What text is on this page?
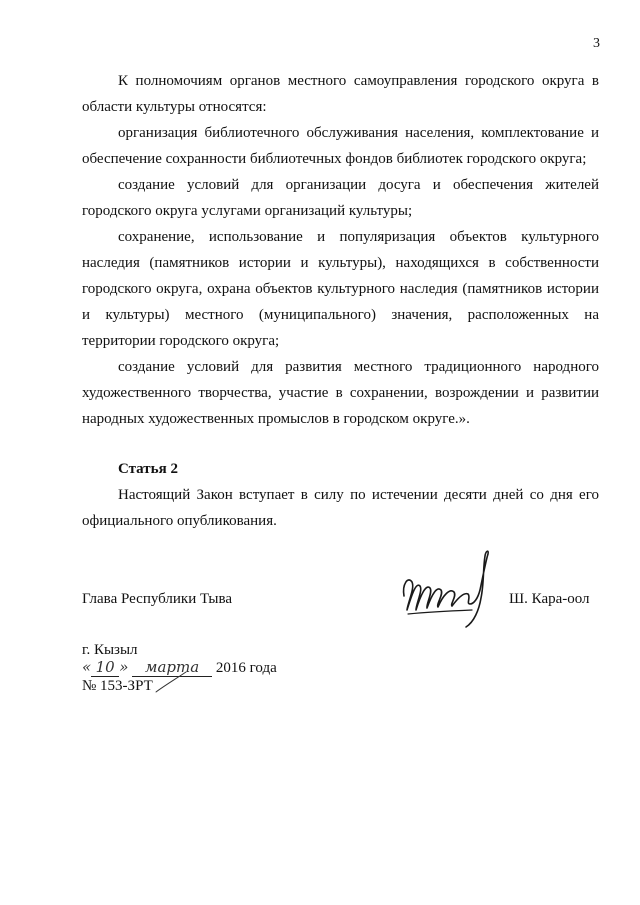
3

К полномочиям органов местного самоуправления городского округа в области культуры относятся:

организация библиотечного обслуживания населения, комплектование и обеспечение сохранности библиотечных фондов библиотек городского округа;

создание условий для организации досуга и обеспечения жителей городского округа услугами организаций культуры;

сохранение, использование и популяризация объектов культурного наследия (памятников истории и культуры), находящихся в собственности городского округа, охрана объектов культурного наследия (памятников истории и культуры) местного (муниципального) значения, расположенных на территории городского округа;

создание условий для развития местного традиционного народного художественного творчества, участие в сохранении, возрождении и развитии народных художественных промыслов в городском округе.».

Статья 2

Настоящий Закон вступает в силу по истечении десяти дней со дня его официального опубликования.

Глава Республики Тыва	Ш. Кара-оол
г. Кызыл
« 10 » марта 2016 года
№ 153-ЗРТ
